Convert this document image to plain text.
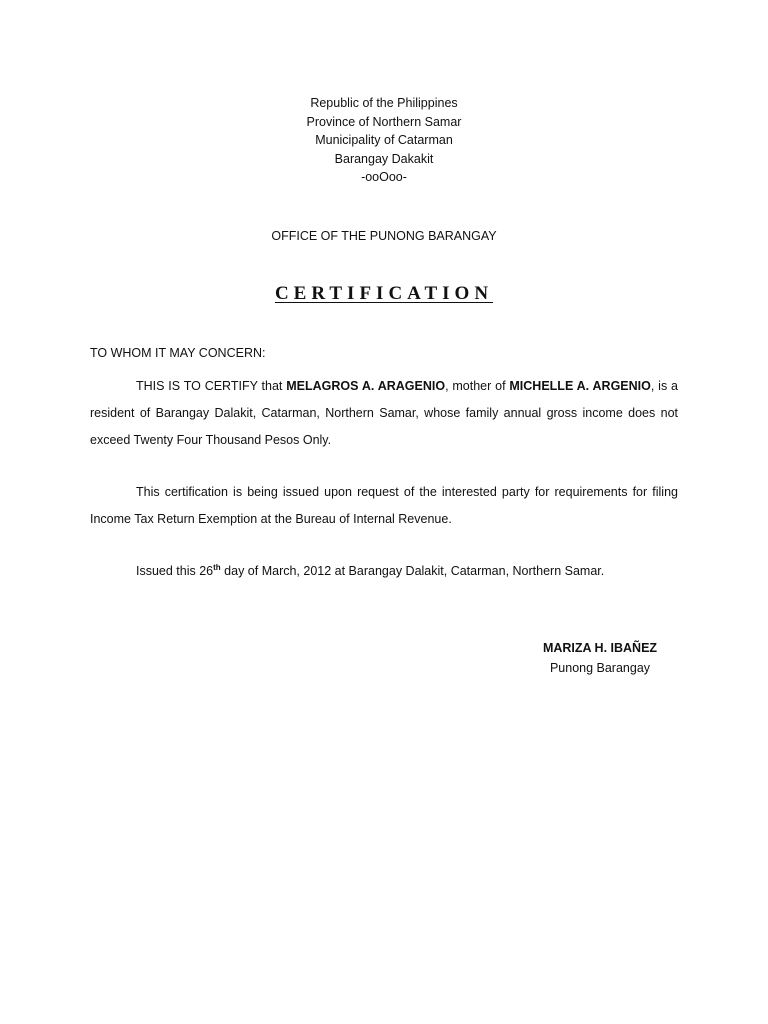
Republic of the Philippines
Province of Northern Samar
Municipality of Catarman
Barangay Dakakit
-ooOoo-
OFFICE OF THE PUNONG BARANGAY
CERTIFICATION
TO WHOM IT MAY CONCERN:
THIS IS TO CERTIFY that MELAGROS A. ARAGENIO, mother of MICHELLE A. ARGENIO, is a resident of Barangay Dalakit, Catarman, Northern Samar, whose family annual gross income does not exceed Twenty Four Thousand Pesos Only.
This certification is being issued upon request of the interested party for requirements for filing Income Tax Return Exemption at the Bureau of Internal Revenue.
Issued this 26th day of March, 2012 at Barangay Dalakit, Catarman, Northern Samar.
MARIZA H. IBAÑEZ
Punong Barangay
